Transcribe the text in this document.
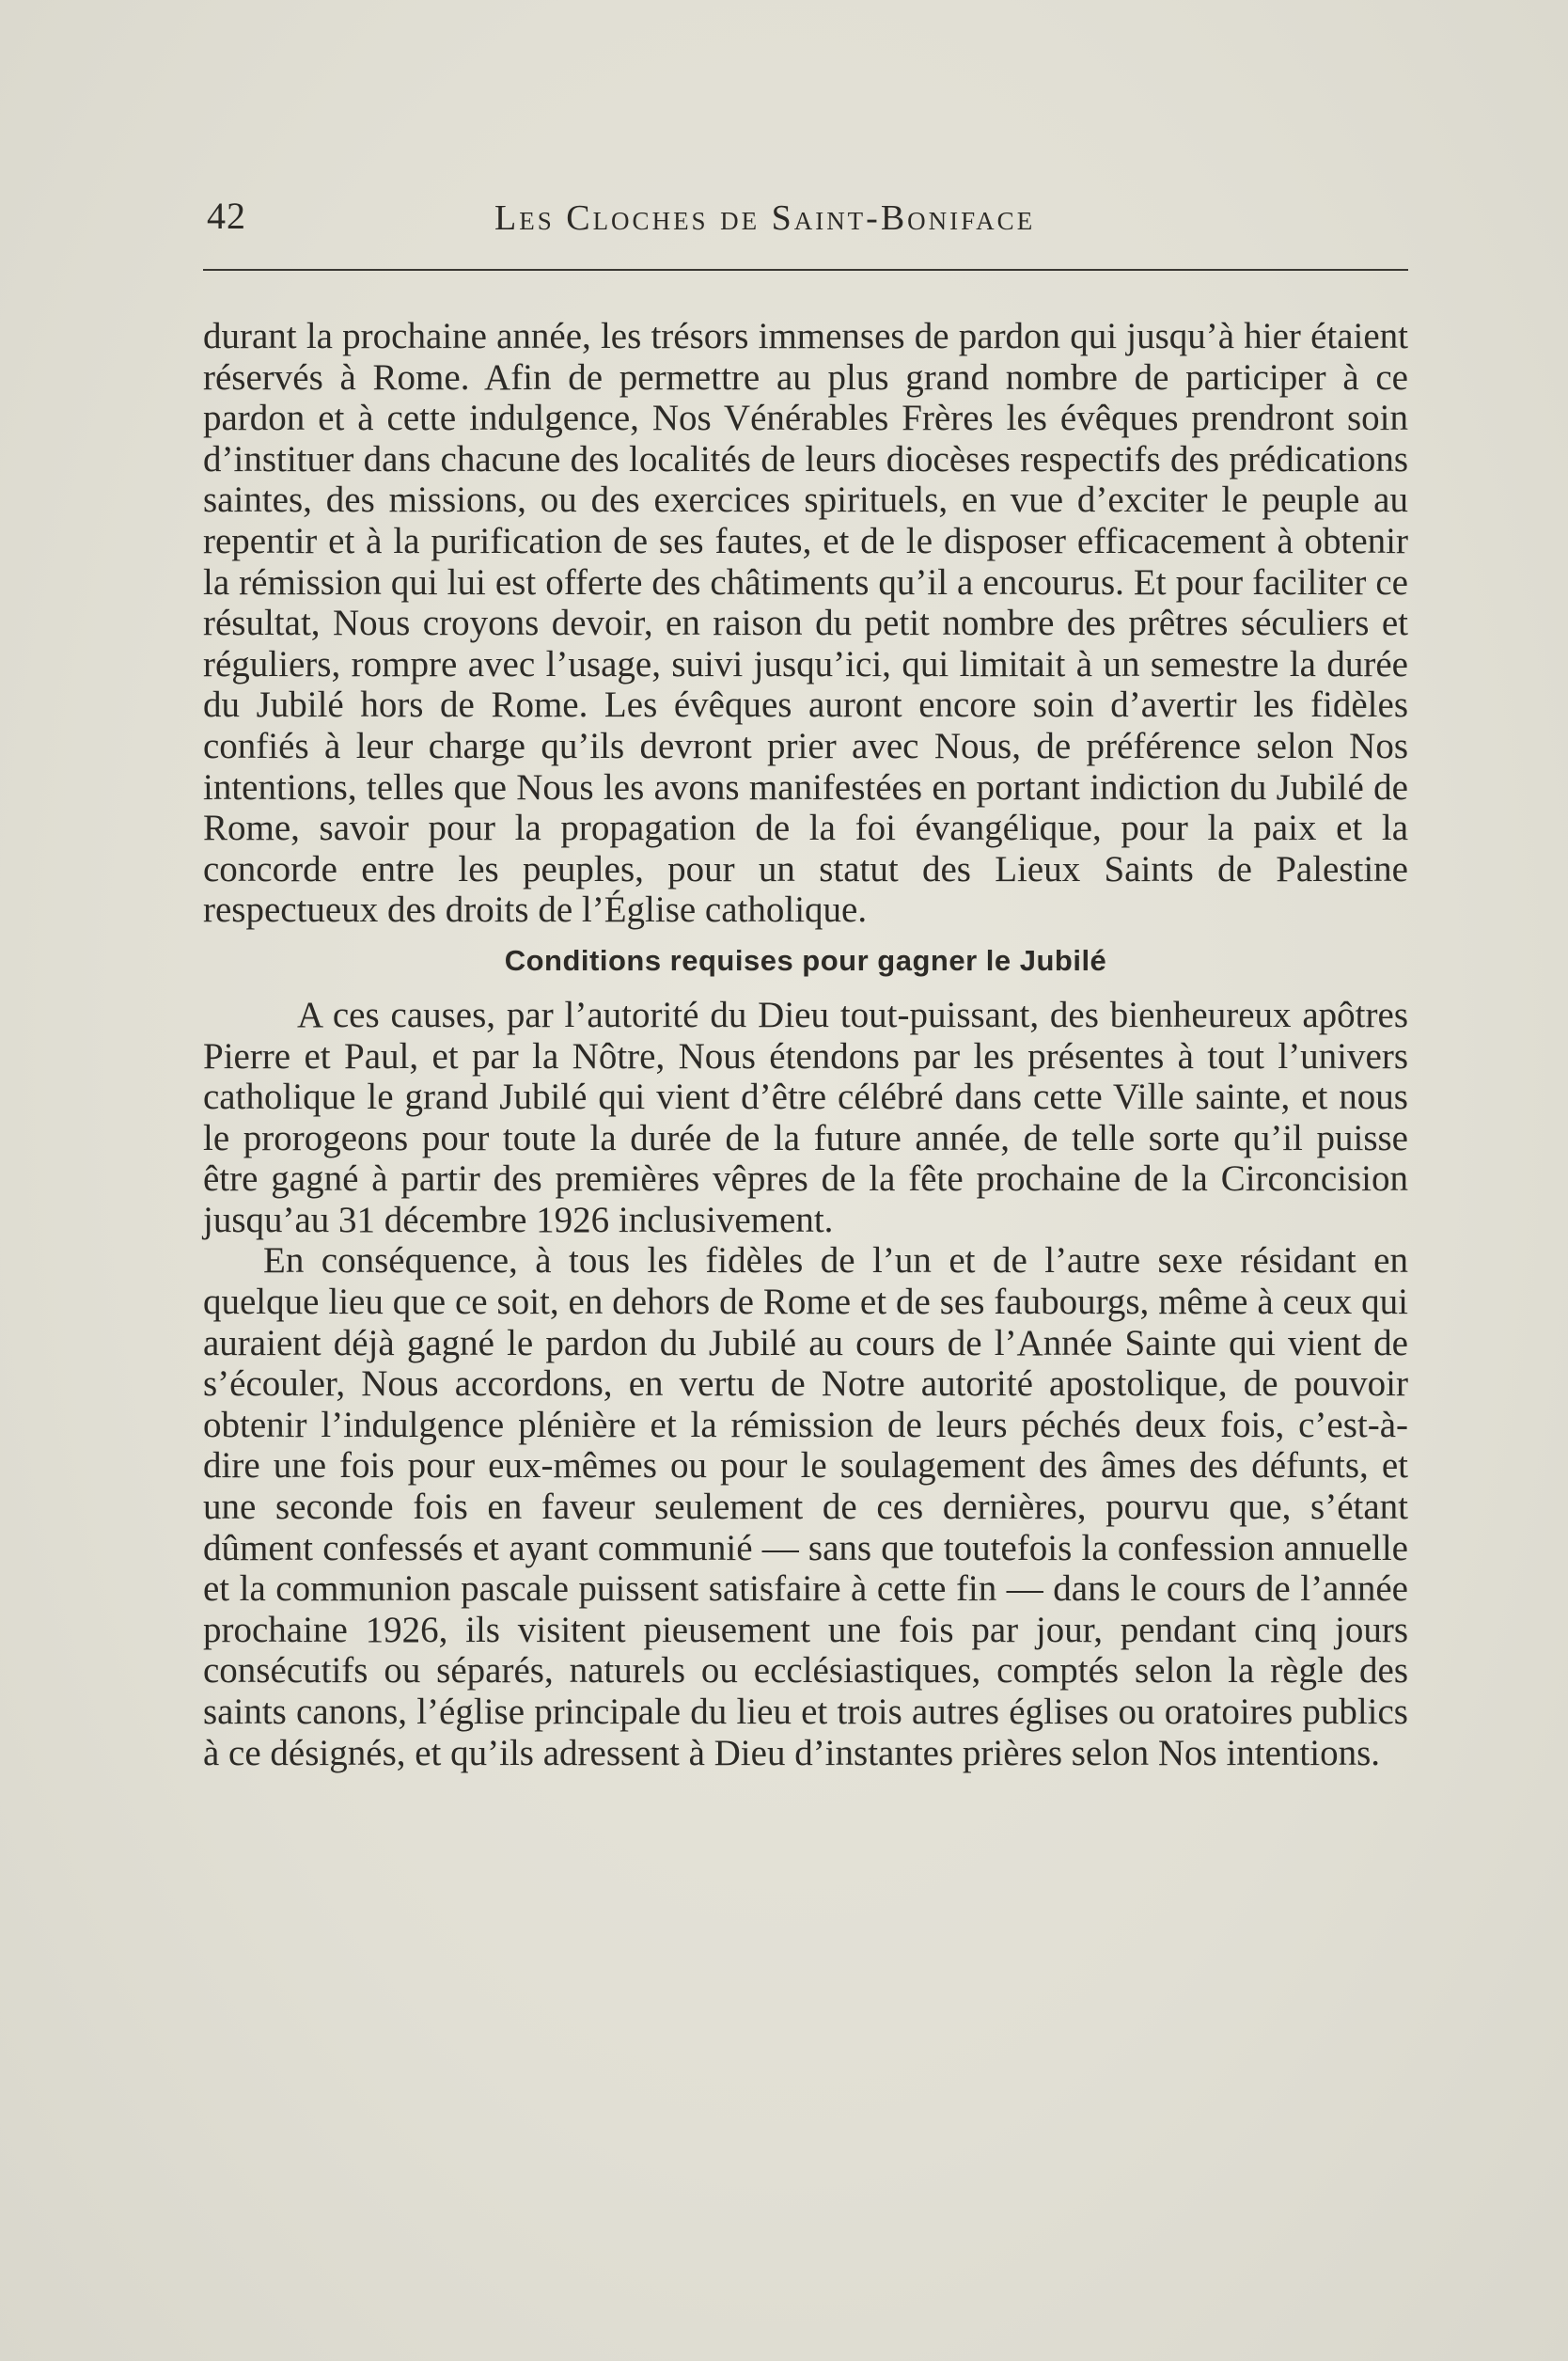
42	Les Cloches de Saint-Boniface

durant la prochaine année, les trésors immenses de pardon qui jusqu’à hier étaient réservés à Rome. Afin de permettre au plus grand nombre de participer à ce pardon et à cette indulgence, Nos Vénérables Frères les évêques prendront soin d’instituer dans chacune des localités de leurs diocèses respectifs des prédications saintes, des missions, ou des exercices spirituels, en vue d’exciter le peuple au repentir et à la purification de ses fautes, et de le disposer efficacement à obtenir la rémission qui lui est offerte des châtiments qu’il a encourus. Et pour faciliter ce résultat, Nous croyons devoir, en raison du petit nombre des prêtres séculiers et réguliers, rompre avec l’usage, suivi jusqu’ici, qui limitait à un semestre la durée du Jubilé hors de Rome. Les évêques auront encore soin d’avertir les fidèles confiés à leur charge qu’ils devront prier avec Nous, de préférence selon Nos intentions, telles que Nous les avons manifestées en portant indiction du Jubilé de Rome, savoir pour la propagation de la foi évangélique, pour la paix et la concorde entre les peuples, pour un statut des Lieux Saints de Palestine respectueux des droits de l’Église catholique.

Conditions requises pour gagner le Jubilé

A ces causes, par l’autorité du Dieu tout-puissant, des bienheureux apôtres Pierre et Paul, et par la Nôtre, Nous étendons par les présentes à tout l’univers catholique le grand Jubilé qui vient d’être célébré dans cette Ville sainte, et nous le prorogeons pour toute la durée de la future année, de telle sorte qu’il puisse être gagné à partir des premières vêpres de la fête prochaine de la Circoncision jusqu’au 31 décembre 1926 inclusivement.

En conséquence, à tous les fidèles de l’un et de l’autre sexe résidant en quelque lieu que ce soit, en dehors de Rome et de ses faubourgs, même à ceux qui auraient déjà gagné le pardon du Jubilé au cours de l’Année Sainte qui vient de s’écouler, Nous accordons, en vertu de Notre autorité apostolique, de pouvoir obtenir l’indulgence plénière et la rémission de leurs péchés deux fois, c’est-à-dire une fois pour eux-mêmes ou pour le soulagement des âmes des défunts, et une seconde fois en faveur seulement de ces dernières, pourvu que, s’étant dûment confessés et ayant communié — sans que toutefois la confession annuelle et la communion pascale puissent satisfaire à cette fin — dans le cours de l’année prochaine 1926, ils visitent pieusement une fois par jour, pendant cinq jours consécutifs ou séparés, naturels ou ecclésiastiques, comptés selon la règle des saints canons, l’église principale du lieu et trois autres églises ou oratoires publics à ce désignés, et qu’ils adressent à Dieu d’instantes prières selon Nos intentions.
